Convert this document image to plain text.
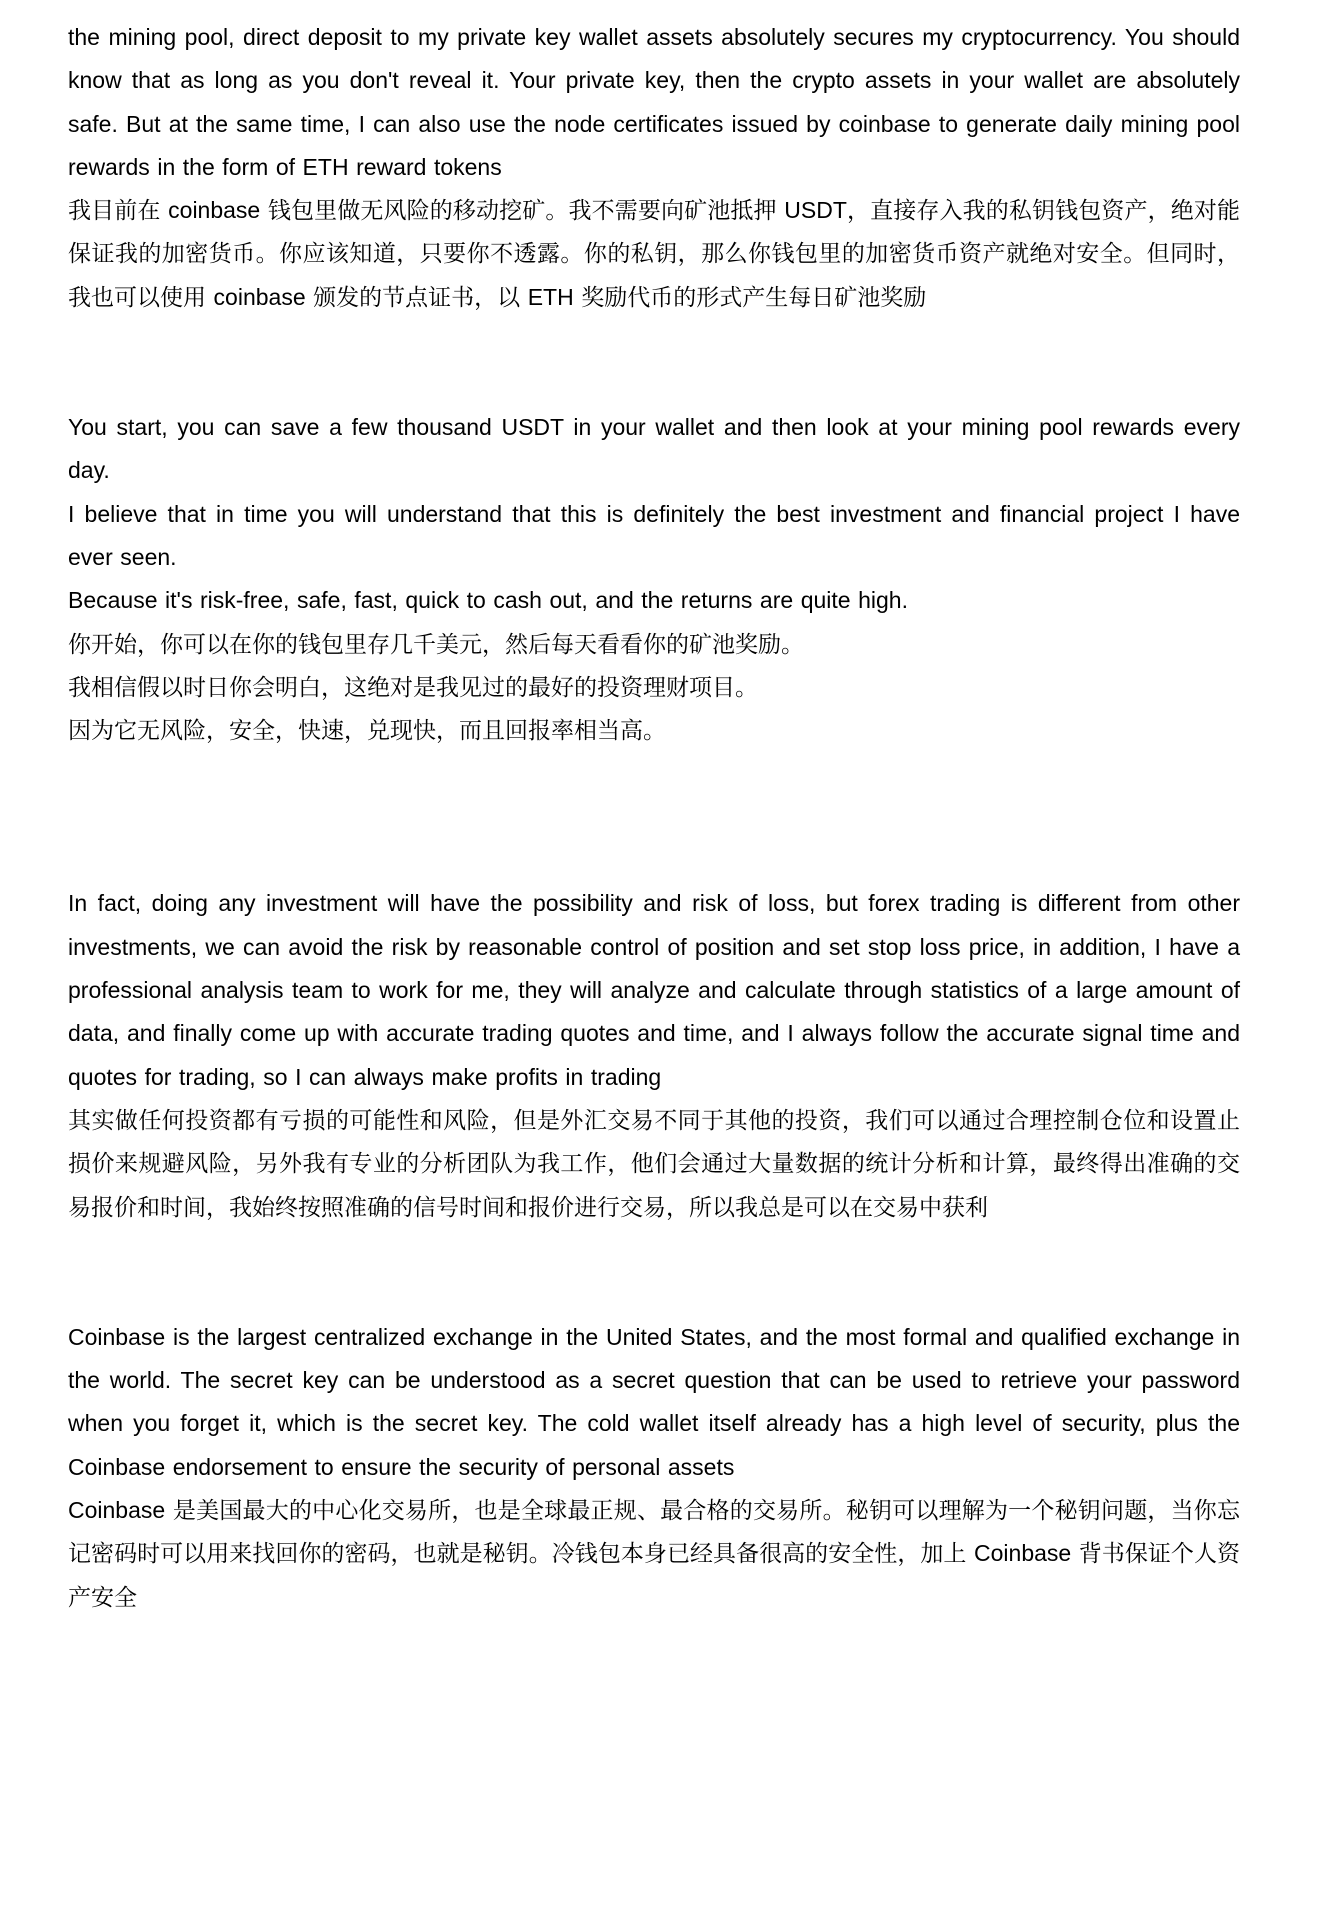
the mining pool, direct deposit to my private key wallet assets absolutely secures my cryptocurrency. You should know that as long as you don't reveal it. Your private key, then the crypto assets in your wallet are absolutely safe. But at the same time, I can also use the node certificates issued by coinbase to generate daily mining pool rewards in the form of ETH reward tokens

我目前在 coinbase 钱包里做无风险的移动挖矿。我不需要向矿池抵押 USDT，直接存入我的私钥钱包资产，绝对能保证我的加密货币。你应该知道，只要你不透露。你的私钥，那么你钱包里的加密货币资产就绝对安全。但同时，我也可以使用 coinbase 颁发的节点证书，以 ETH 奖励代币的形式产生每日矿池奖励

You start, you can save a few thousand USDT in your wallet and then look at your mining pool rewards every day.

I believe that in time you will understand that this is definitely the best investment and financial project I have ever seen.

Because it's risk-free, safe, fast, quick to cash out, and the returns are quite high.

你开始，你可以在你的钱包里存几千美元，然后每天看看你的矿池奖励。

我相信假以时日你会明白，这绝对是我见过的最好的投资理财项目。

因为它无风险，安全，快速，兑现快，而且回报率相当高。

In fact, doing any investment will have the possibility and risk of loss, but forex trading is different from other investments, we can avoid the risk by reasonable control of position and set stop loss price, in addition, I have a professional analysis team to work for me, they will analyze and calculate through statistics of a large amount of data, and finally come up with accurate trading quotes and time, and I always follow the accurate signal time and quotes for trading, so I can always make profits in trading

其实做任何投资都有亏损的可能性和风险，但是外汇交易不同于其他的投资，我们可以通过合理控制仓位和设置止损价来规避风险，另外我有专业的分析团队为我工作，他们会通过大量数据的统计分析和计算，最终得出准确的交易报价和时间，我始终按照准确的信号时间和报价进行交易，所以我总是可以在交易中获利

Coinbase is the largest centralized exchange in the United States, and the most formal and qualified exchange in the world. The secret key can be understood as a secret question that can be used to retrieve your password when you forget it, which is the secret key. The cold wallet itself already has a high level of security, plus the Coinbase endorsement to ensure the security of personal assets

Coinbase 是美国最大的中心化交易所，也是全球最正规、最合格的交易所。秘钥可以理解为一个秘钥问题，当你忘记密码时可以用来找回你的密码，也就是秘钥。冷钱包本身已经具备很高的安全性，加上 Coinbase 背书保证个人资产安全
